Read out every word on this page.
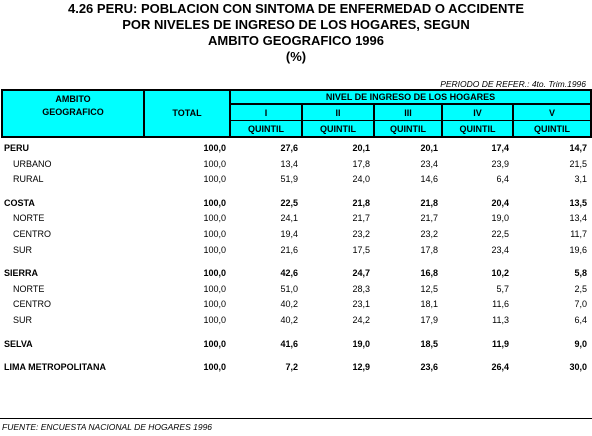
4.26 PERU: POBLACION CON SINTOMA DE ENFERMEDAD O ACCIDENTE
POR NIVELES DE INGRESO DE LOS HOGARES, SEGUN
AMBITO GEOGRAFICO 1996
(%)
PERIODO DE REFER.: 4to. Trim.1996
AMBITO
GEOGRAFICO	TOTAL	NIVEL DE INGRESO DE LOS HOGARES				
		I	II	III	IV	V
		QUINTIL	QUINTIL	QUINTIL	QUINTIL	QUINTIL

PERU	100,0	27,6	20,1	20,1	17,4	14,7
URBANO	100,0	13,4	17,8	23,4	23,9	21,5
RURAL	100,0	51,9	24,0	14,6	6,4	3,1

COSTA	100,0	22,5	21,8	21,8	20,4	13,5
NORTE	100,0	24,1	21,7	21,7	19,0	13,4
CENTRO	100,0	19,4	23,2	23,2	22,5	11,7
SUR	100,0	21,6	17,5	17,8	23,4	19,6

SIERRA	100,0	42,6	24,7	16,8	10,2	5,8
NORTE	100,0	51,0	28,3	12,5	5,7	2,5
CENTRO	100,0	40,2	23,1	18,1	11,6	7,0
SUR	100,0	40,2	24,2	17,9	11,3	6,4

SELVA	100,0	41,6	19,0	18,5	11,9	9,0

LIMA METROPOLITANA	100,0	7,2	12,9	23,6	26,4	30,0
FUENTE: ENCUESTA NACIONAL DE HOGARES 1996
